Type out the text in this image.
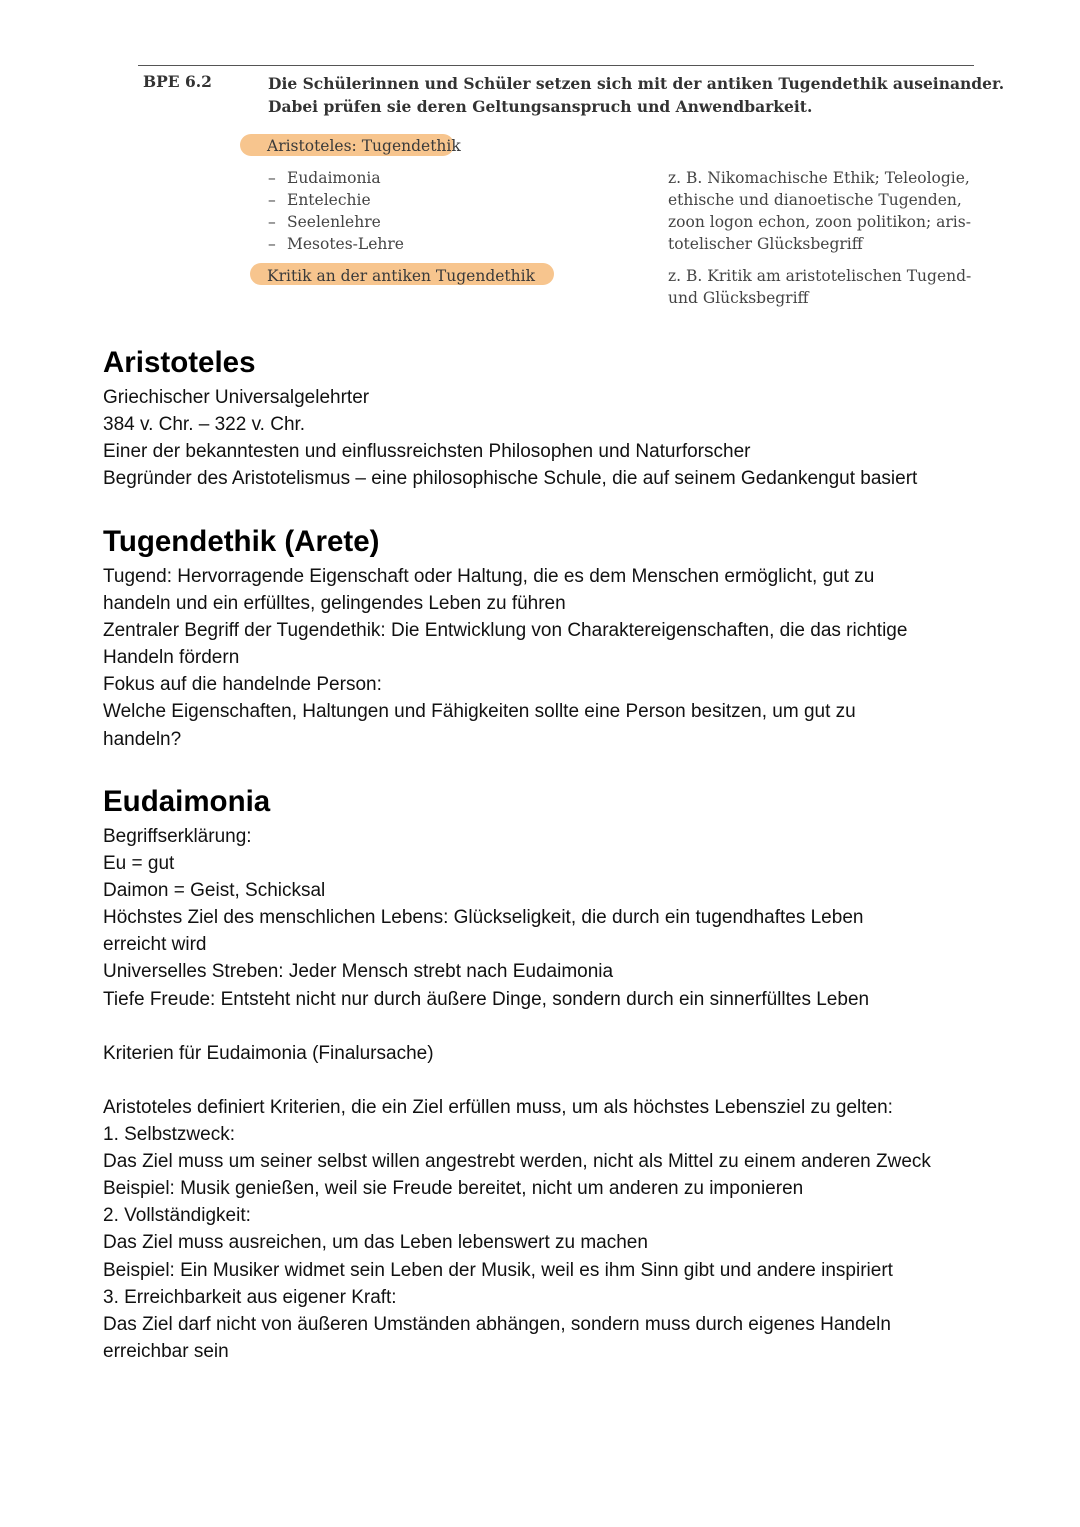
BPE 6.2	Die Schülerinnen und Schüler setzen sich mit der antiken Tugendethik auseinander.
Dabei prüfen sie deren Geltungsanspruch und Anwendbarkeit.
Aristoteles: Tugendethik
– Eudaimonia
– Entelechie
– Seelenlehre
– Mesotes-Lehre
z. B. Nikomachische Ethik; Teleologie,
ethische und dianoetische Tugenden,
zoon logon echon, zoon politikon; aris-
totelischer Glücksbegriff
Kritik an der antiken Tugendethik	z. B. Kritik am aristotelischen Tugend-
und Glücksbegriff
Aristoteles

Griechischer Universalgelehrter

384 v. Chr. – 322 v. Chr.

Einer der bekanntesten und einflussreichsten Philosophen und Naturforscher

Begründer des Aristotelismus – eine philosophische Schule, die auf seinem Gedankengut basiert

Tugendethik (Arete)

Tugend: Hervorragende Eigenschaft oder Haltung, die es dem Menschen ermöglicht, gut zu

handeln und ein erfülltes, gelingendes Leben zu führen

Zentraler Begriff der Tugendethik: Die Entwicklung von Charaktereigenschaften, die das richtige

Handeln fördern

Fokus auf die handelnde Person:

Welche Eigenschaften, Haltungen und Fähigkeiten sollte eine Person besitzen, um gut zu

handeln?

Eudaimonia

Begriffserklärung:

Eu = gut

Daimon = Geist, Schicksal

Höchstes Ziel des menschlichen Lebens: Glückseligkeit, die durch ein tugendhaftes Leben

erreicht wird

Universelles Streben: Jeder Mensch strebt nach Eudaimonia

Tiefe Freude: Entsteht nicht nur durch äußere Dinge, sondern durch ein sinnerfülltes Leben

Kriterien für Eudaimonia (Finalursache)

Aristoteles definiert Kriterien, die ein Ziel erfüllen muss, um als höchstes Lebensziel zu gelten:

1. Selbstzweck:

Das Ziel muss um seiner selbst willen angestrebt werden, nicht als Mittel zu einem anderen Zweck

Beispiel: Musik genießen, weil sie Freude bereitet, nicht um anderen zu imponieren

2. Vollständigkeit:

Das Ziel muss ausreichen, um das Leben lebenswert zu machen

Beispiel: Ein Musiker widmet sein Leben der Musik, weil es ihm Sinn gibt und andere inspiriert

3. Erreichbarkeit aus eigener Kraft:

Das Ziel darf nicht von äußeren Umständen abhängen, sondern muss durch eigenes Handeln

erreichbar sein
